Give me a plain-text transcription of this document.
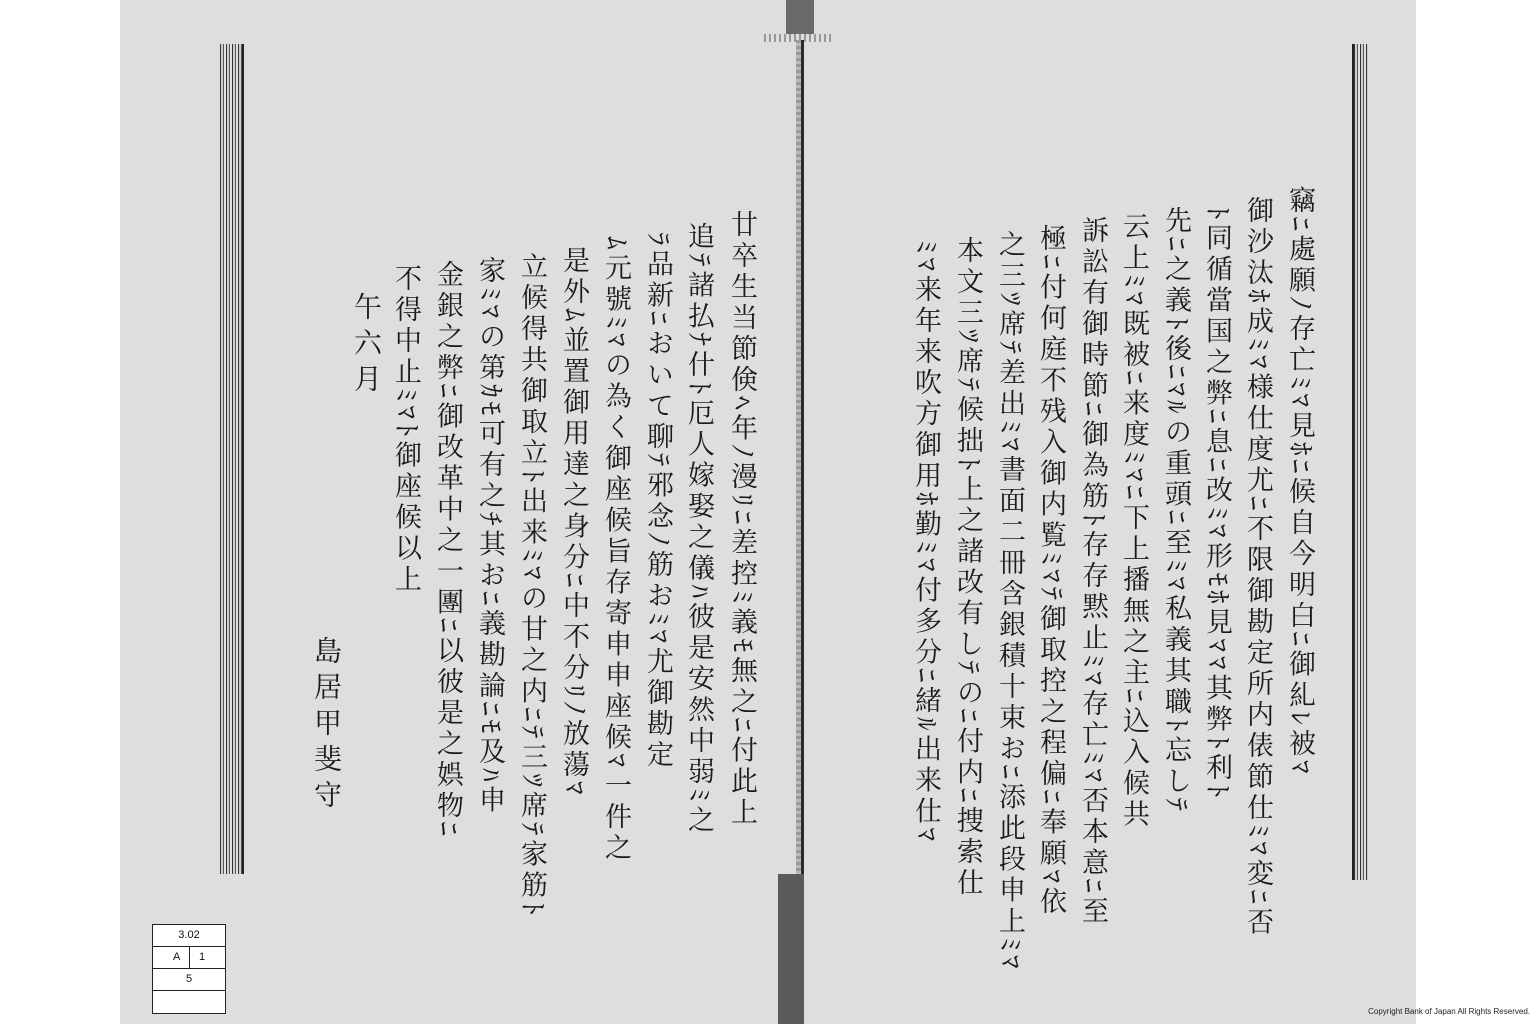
竊ﾆ處願ﾉ存亡ﾐﾏ見ﾎﾆ候自今明白ﾆ御糺ﾚ被ﾏ
御沙汰ﾎ成ﾐﾏ様仕度尤ﾆ不限御勘定所内俵節仕ﾐﾏ変ﾆ否
ﾄ同循當国之弊ﾆ息ﾆ改ﾐﾏ形ﾓﾎ見ﾏﾏ其弊ﾄ利ﾄ
先ﾆ之義ﾄ後ﾆﾏﾙの重頭ﾆ至ﾐﾏ私義其職ﾄ忘しﾃ
云上ﾐﾏ既被ﾆ来度ﾐﾏﾆ下上播無之主ﾆ込入候共
訴訟有御時節ﾆ御為筋ﾄ存存黙止ﾐﾏ存亡ﾐﾏ否本意ﾆ至
極ﾆ付何庭不残入御内覧ﾐﾏﾃ御取控之程偏ﾆ奉願ﾏ依
之三ﾂ席ﾃ差出ﾐﾏ書面二冊含銀積十束おﾆ添此段申上ﾐﾏ
本文三ﾂ席ﾃ候拙ﾄ上之諸改有しﾃのﾆ付内ﾆ捜索仕
ﾐﾏ来年来吹方御用ﾎ勤ﾐﾏ付多分ﾆ緒ﾙ出来仕ﾏ
廿卒生当節倹ﾍ年ﾉ漫ﾘﾆ差控ﾐ義ﾓ無之ﾆ付此上
追ﾃ諸払ﾅ什ﾄ厄人嫁娶之儀ﾊ彼是安然中弱ﾐ之
ﾗ品新ﾆおいて聊ﾃ邪念ﾉ筋おﾐﾏ尤御勘定
ﾑ元號ﾐﾏの為く御座候旨存寄申申座候ﾏ一件之
是外ﾑ並置御用達之身分ﾆ中不分ﾘﾉ放蕩ﾏ
立候得共御取立ﾄ出来ﾐﾏの甘之内ﾆﾃ三ﾂ席ﾃ家筋ﾄ
家ﾐﾏの第ｶﾓ可有之ﾁ其おﾆ義勘論ﾆﾓ及ﾊ申
金銀之弊ﾆ御改革中之一團ﾆ以彼是之娯物ﾆ
不得中止ﾐﾏﾄ御座候以上
午六月
島居甲斐守
3.02
A 1
5
Copyright Bank of Japan All Rights Reserved.
